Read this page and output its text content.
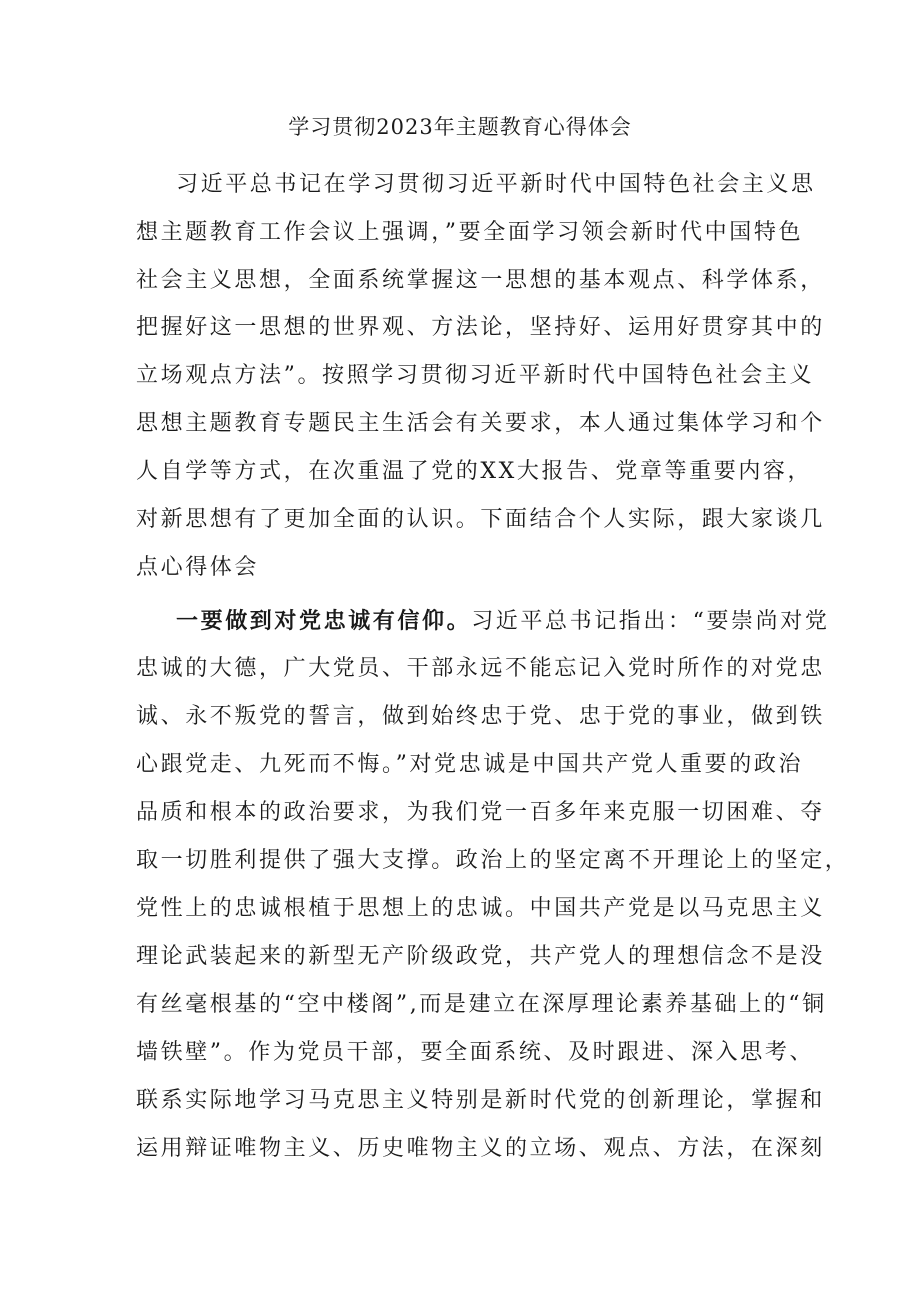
学习贯彻2023年主题教育心得体会
习近平总书记在学习贯彻习近平新时代中国特色社会主义思
想主题教育工作会议上强调，”要全面学习领会新时代中国特色
社会主义思想，全面系统掌握这一思想的基本观点、科学体系，
把握好这一思想的世界观、方法论，坚持好、运用好贯穿其中的
立场观点方法”。按照学习贯彻习近平新时代中国特色社会主义
思想主题教育专题民主生活会有关要求，本人通过集体学习和个
人自学等方式，在次重温了党的XX大报告、党章等重要内容，
对新思想有了更加全面的认识。下面结合个人实际，跟大家谈几
点心得体会
一要做到对党忠诚有信仰。习近平总书记指出：“要崇尚对党
忠诚的大德，广大党员、干部永远不能忘记入党时所作的对党忠
诚、永不叛党的誓言，做到始终忠于党、忠于党的事业，做到铁
心跟党走、九死而不悔。”对党忠诚是中国共产党人重要的政治
品质和根本的政治要求，为我们党一百多年来克服一切困难、夺
取一切胜利提供了强大支撑。政治上的坚定离不开理论上的坚定，
党性上的忠诚根植于思想上的忠诚。中国共产党是以马克思主义
理论武装起来的新型无产阶级政党，共产党人的理想信念不是没
有丝毫根基的“空中楼阁”,而是建立在深厚理论素养基础上的“铜
墙铁壁”。作为党员干部，要全面系统、及时跟进、深入思考、
联系实际地学习马克思主义特别是新时代党的创新理论，掌握和
运用辩证唯物主义、历史唯物主义的立场、观点、方法，在深刻
